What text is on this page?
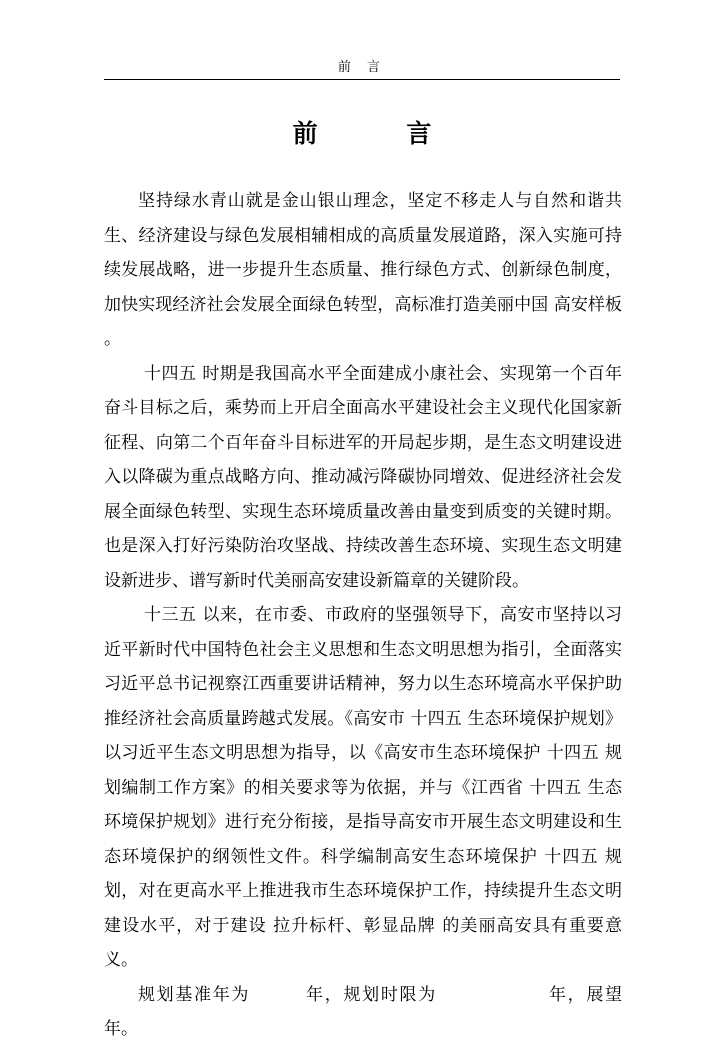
前 言
前 言

坚持绿水青山就是金山银山理念，坚定不移走人与自然和谐共生、经济建设与绿色发展相辅相成的高质量发展道路，深入实施可持续发展战略，进一步提升生态质量、推行绿色方式、创新绿色制度，加快实现经济社会发展全面绿色转型，高标准打造美丽中国 高安样板 。

十四五 时期是我国高水平全面建成小康社会、实现第一个百年奋斗目标之后，乘势而上开启全面高水平建设社会主义现代化国家新征程、向第二个百年奋斗目标进军的开局起步期，是生态文明建设进入以降碳为重点战略方向、推动减污降碳协同增效、促进经济社会发展全面绿色转型、实现生态环境质量改善由量变到质变的关键时期。也是深入打好污染防治攻坚战、持续改善生态环境、实现生态文明建设新进步、谱写新时代美丽高安建设新篇章的关键阶段。

十三五 以来，在市委、市政府的坚强领导下，高安市坚持以习近平新时代中国特色社会主义思想和生态文明思想为指引，全面落实习近平总书记视察江西重要讲话精神，努力以生态环境高水平保护助推经济社会高质量跨越式发展。《高安市 十四五 生态环境保护规划》以习近平生态文明思想为指导，以《高安市生态环境保护 十四五 规划编制工作方案》的相关要求等为依据，并与《江西省 十四五 生态环境保护规划》进行充分衔接，是指导高安市开展生态文明建设和生态环境保护的纲领性文件。科学编制高安生态环境保护 十四五 规划，对在更高水平上推进我市生态环境保护工作，持续提升生态文明建设水平，对于建设 拉升标杆、彰显品牌 的美丽高安具有重要意义。

规划基准年为　　　年，规划时限为　　　　　　年，展望　　　年。
